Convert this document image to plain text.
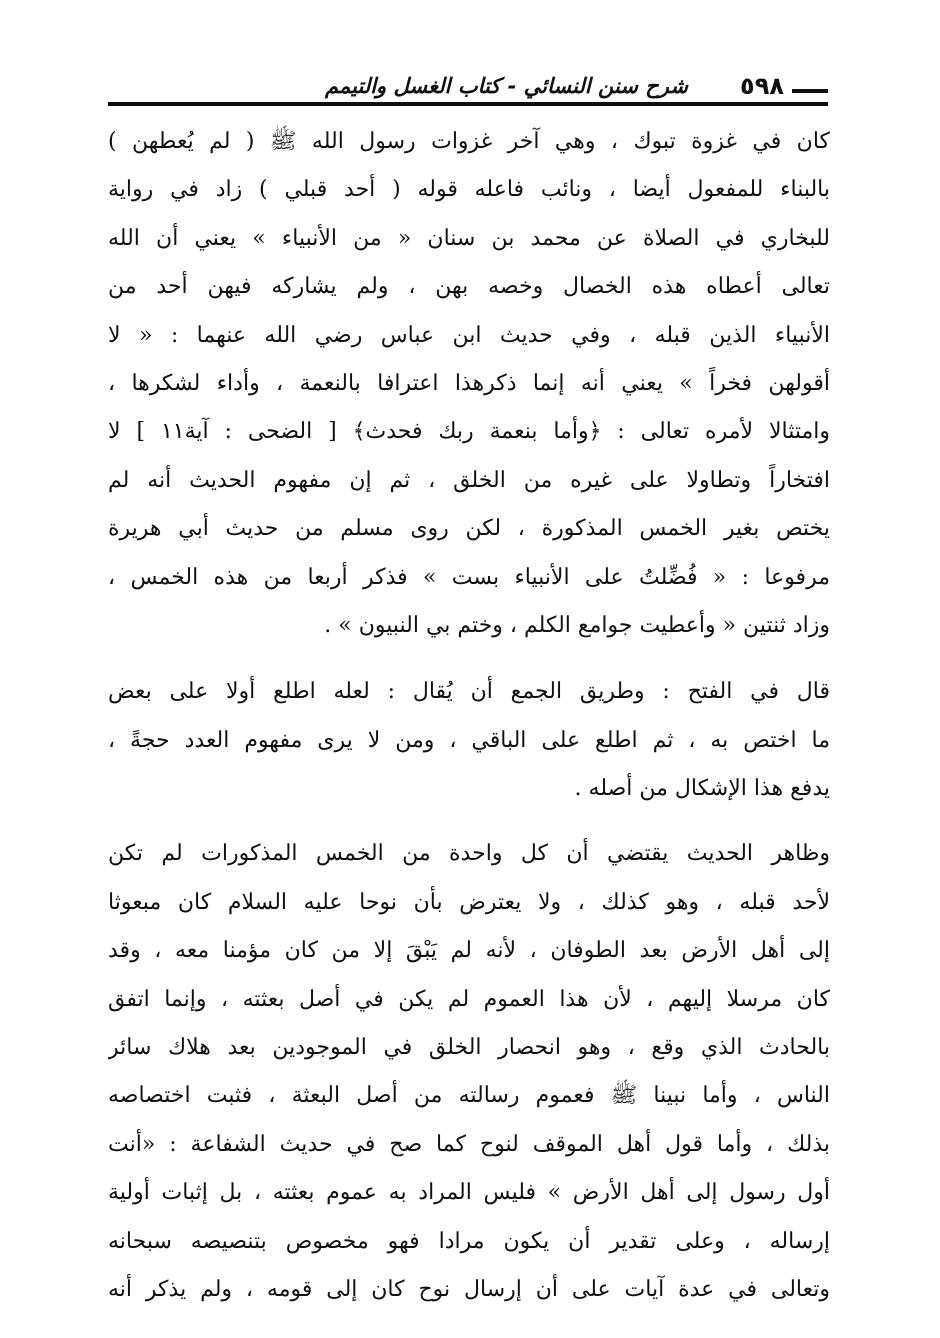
شرح سنن النسائي - كتاب الغسل والتيمم ٥٩٨
كان في غزوة تبوك ، وهي آخر غزوات رسول الله ﷺ ( لم يُعطهن )
بالبناء للمفعول أيضا ، ونائب فاعله قوله ( أحد قبلي ) زاد في رواية
للبخاري في الصلاة عن محمد بن سنان « من الأنبياء » يعني أن الله
تعالى أعطاه هذه الخصال وخصه بهن ، ولم يشاركه فيهن أحد من
الأنبياء الذين قبله ، وفي حديث ابن عباس رضي الله عنهما : « لا
أقولهن فخراً » يعني أنه إنما ذكرهذا اعترافا بالنعمة ، وأداء لشكرها ،
وامتثالا لأمره تعالى : ﴿وأما بنعمة ربك فحدث﴾ [ الضحى : آية١١ ] لا
افتخاراً وتطاولا على غيره من الخلق ، ثم إن مفهوم الحديث أنه لم
يختص بغير الخمس المذكورة ، لكن روى مسلم من حديث أبي هريرة
مرفوعا : « فُضِّلتُ على الأنبياء بست » فذكر أربعا من هذه الخمس ،
وزاد ثنتين « وأعطيت جوامع الكلم ، وختم بي النبيون » .
قال في الفتح : وطريق الجمع أن يُقال : لعله اطلع أولا على بعض
ما اختص به ، ثم اطلع على الباقي ، ومن لا يرى مفهوم العدد حجةً ،
يدفع هذا الإشكال من أصله .
وظاهر الحديث يقتضي أن كل واحدة من الخمس المذكورات لم تكن
لأحد قبله ، وهو كذلك ، ولا يعترض بأن نوحا عليه السلام كان مبعوثا
إلى أهل الأرض بعد الطوفان ، لأنه لم يَبْقَ إلا من كان مؤمنا معه ، وقد
كان مرسلا إليهم ، لأن هذا العموم لم يكن في أصل بعثته ، وإنما اتفق
بالحادث الذي وقع ، وهو انحصار الخلق في الموجودين بعد هلاك سائر
الناس ، وأما نبينا ﷺ فعموم رسالته من أصل البعثة ، فثبت اختصاصه
بذلك ، وأما قول أهل الموقف لنوح كما صح في حديث الشفاعة : «أنت
أول رسول إلى أهل الأرض » فليس المراد به عموم بعثته ، بل إثبات أولية
إرساله ، وعلى تقدير أن يكون مرادا فهو مخصوص بتنصيصه سبحانه
وتعالى في عدة آيات على أن إرسال نوح كان إلى قومه ، ولم يذكر أنه
